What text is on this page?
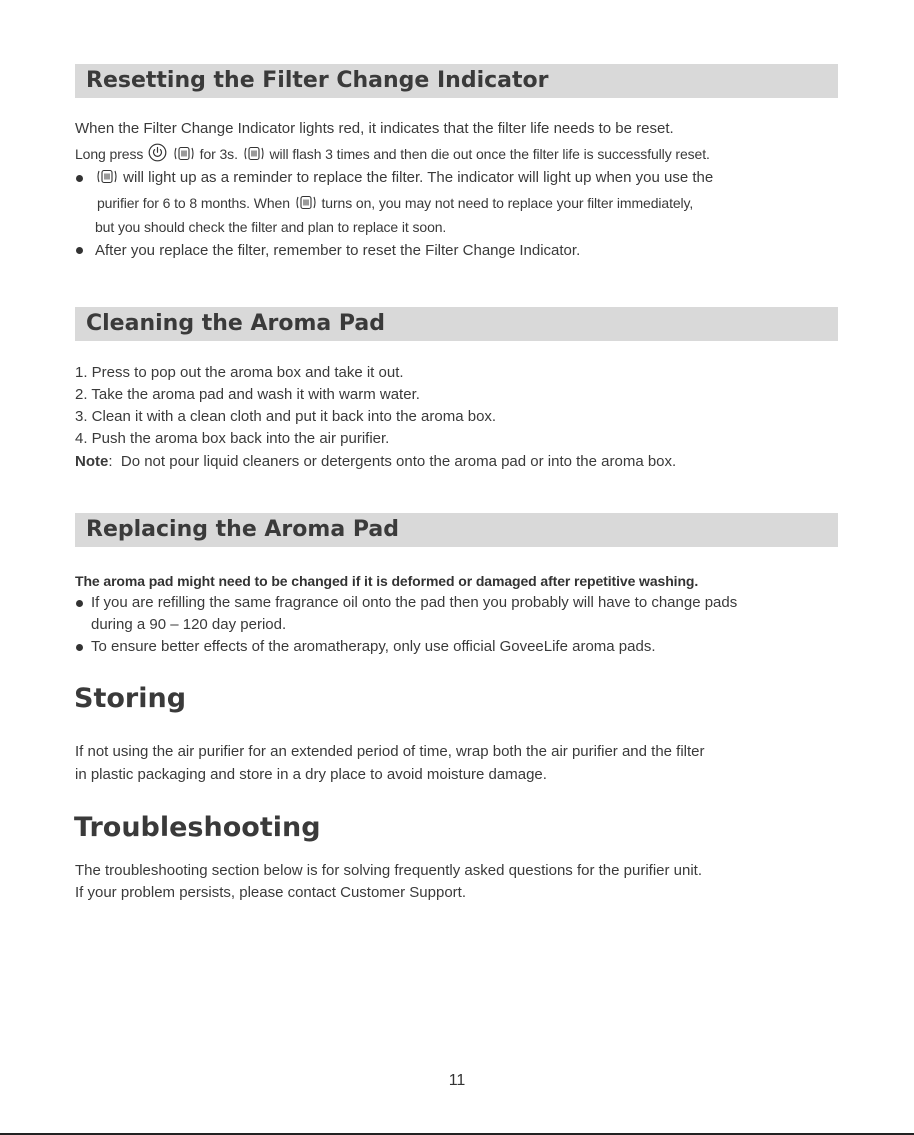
Resetting the Filter Change Indicator
When the Filter Change Indicator lights red, it indicates that the filter life needs to be reset.
Long press	for 3s. will flash 3 times and then die out once the filter life is successfully reset.
will light up as a reminder to replace the filter. The indicator will light up when you use the
purifier for 6 to 8 months. When turns on, you may not need to replace your filter immediately,
but you should check the filter and plan to replace it soon.
After you replace the filter, remember to reset the Filter Change Indicator.
Cleaning the Aroma Pad
1. Press to pop out the aroma box and take it out.
2. Take the aroma pad and wash it with warm water.
3. Clean it with a clean cloth and put it back into the aroma box.
4. Push the aroma box back into the air purifier.
Note: Do not pour liquid cleaners or detergents onto the aroma pad or into the aroma box.
Replacing the Aroma Pad
The aroma pad might need to be changed if it is deformed or damaged after repetitive washing.
If you are refilling the same fragrance oil onto the pad then you probably will have to change pads
during a 90 – 120 day period.
To ensure better effects of the aromatherapy, only use official GoveeLife aroma pads.
Storing
If not using the air purifier for an extended period of time, wrap both the air purifier and the filter
in plastic packaging and store in a dry place to avoid moisture damage.
Troubleshooting
The troubleshooting section below is for solving frequently asked questions for the purifier unit.
If your problem persists, please contact Customer Support.
11
